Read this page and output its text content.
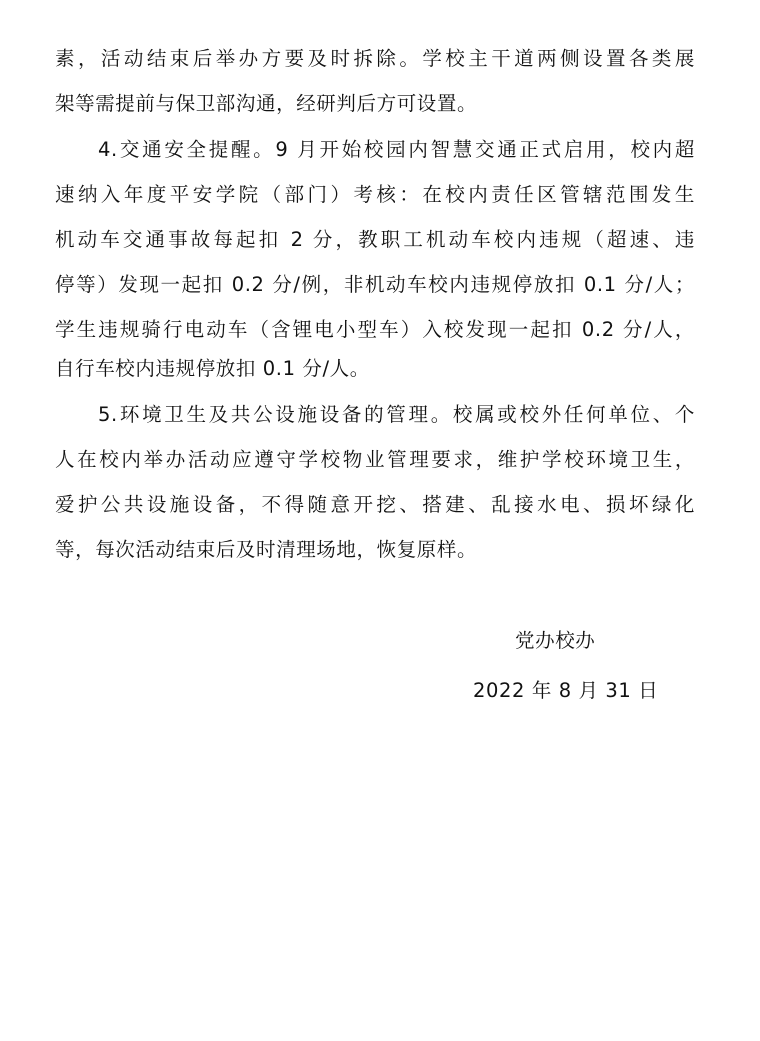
素，活动结束后举办方要及时拆除。学校主干道两侧设置各类展
架等需提前与保卫部沟通，经研判后方可设置。
4.交通安全提醒。9 月开始校园内智慧交通正式启用，校内超
速纳入年度平安学院（部门）考核：在校内责任区管辖范围发生
机动车交通事故每起扣 2 分，教职工机动车校内违规（超速、违
停等）发现一起扣 0.2 分/例，非机动车校内违规停放扣 0.1 分/人；
学生违规骑行电动车（含锂电小型车）入校发现一起扣 0.2 分/人，
自行车校内违规停放扣 0.1 分/人。
5.环境卫生及共公设施设备的管理。校属或校外任何单位、个
人在校内举办活动应遵守学校物业管理要求，维护学校环境卫生，
爱护公共设施设备，不得随意开挖、搭建、乱接水电、损坏绿化
等，每次活动结束后及时清理场地，恢复原样。
党办校办
2022 年 8 月 31 日
